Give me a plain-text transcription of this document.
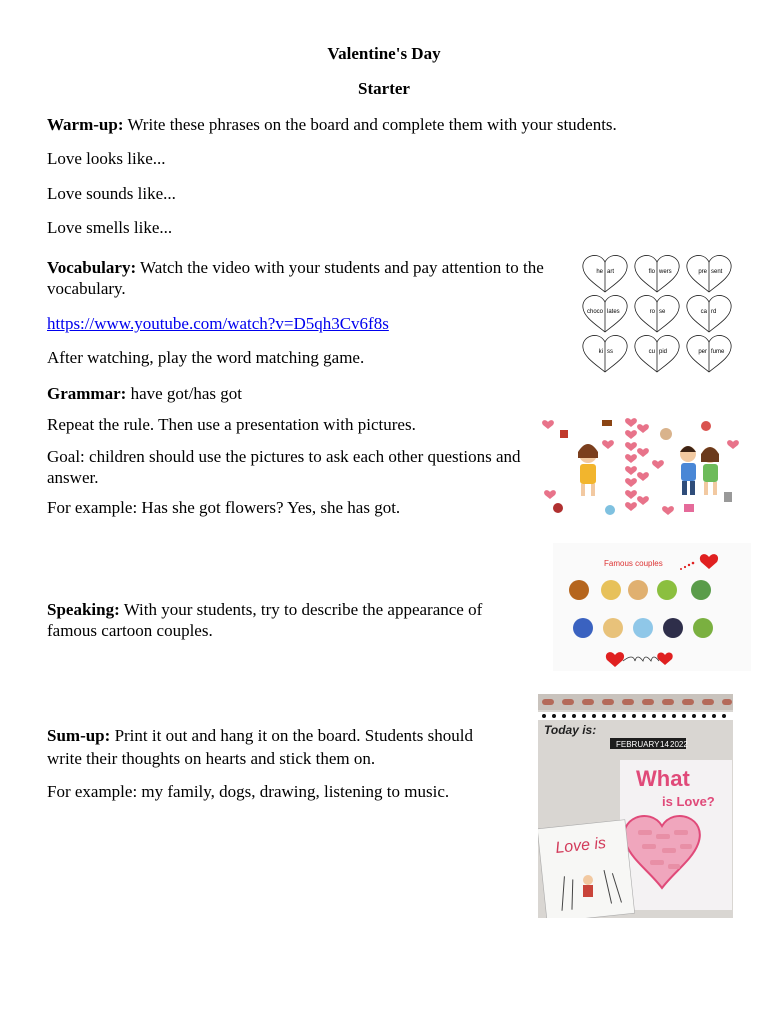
Valentine's Day
Starter

Warm-up: Write these phrases on the board and complete them with your students.

Love looks like...

Love sounds like...

Love smells like...

Vocabulary: Watch the video with your students and pay attention to the vocabulary.

https://www.youtube.com/watch?v=D5qh3Cv6f8s

After watching, play the word matching game.

he art	flo wers	pre sent
choco lates	ro se	ca rd
ki ss	cu pid	per fume

Grammar: have got/has got

Repeat the rule. Then use a presentation with pictures.

Goal: children should use the pictures to ask each other questions and answer.

For example: Has she got flowers? Yes, she has got.

Speaking: With your students, try to describe the appearance of famous cartoon couples.

Famous couples

Sum-up: Print it out and hang it on the board. Students should write their thoughts on hearts and stick them on.

For example: my family, dogs, drawing, listening to music.

Today is:
FEBRUARY 14 2022
What
is Love?
Love is
